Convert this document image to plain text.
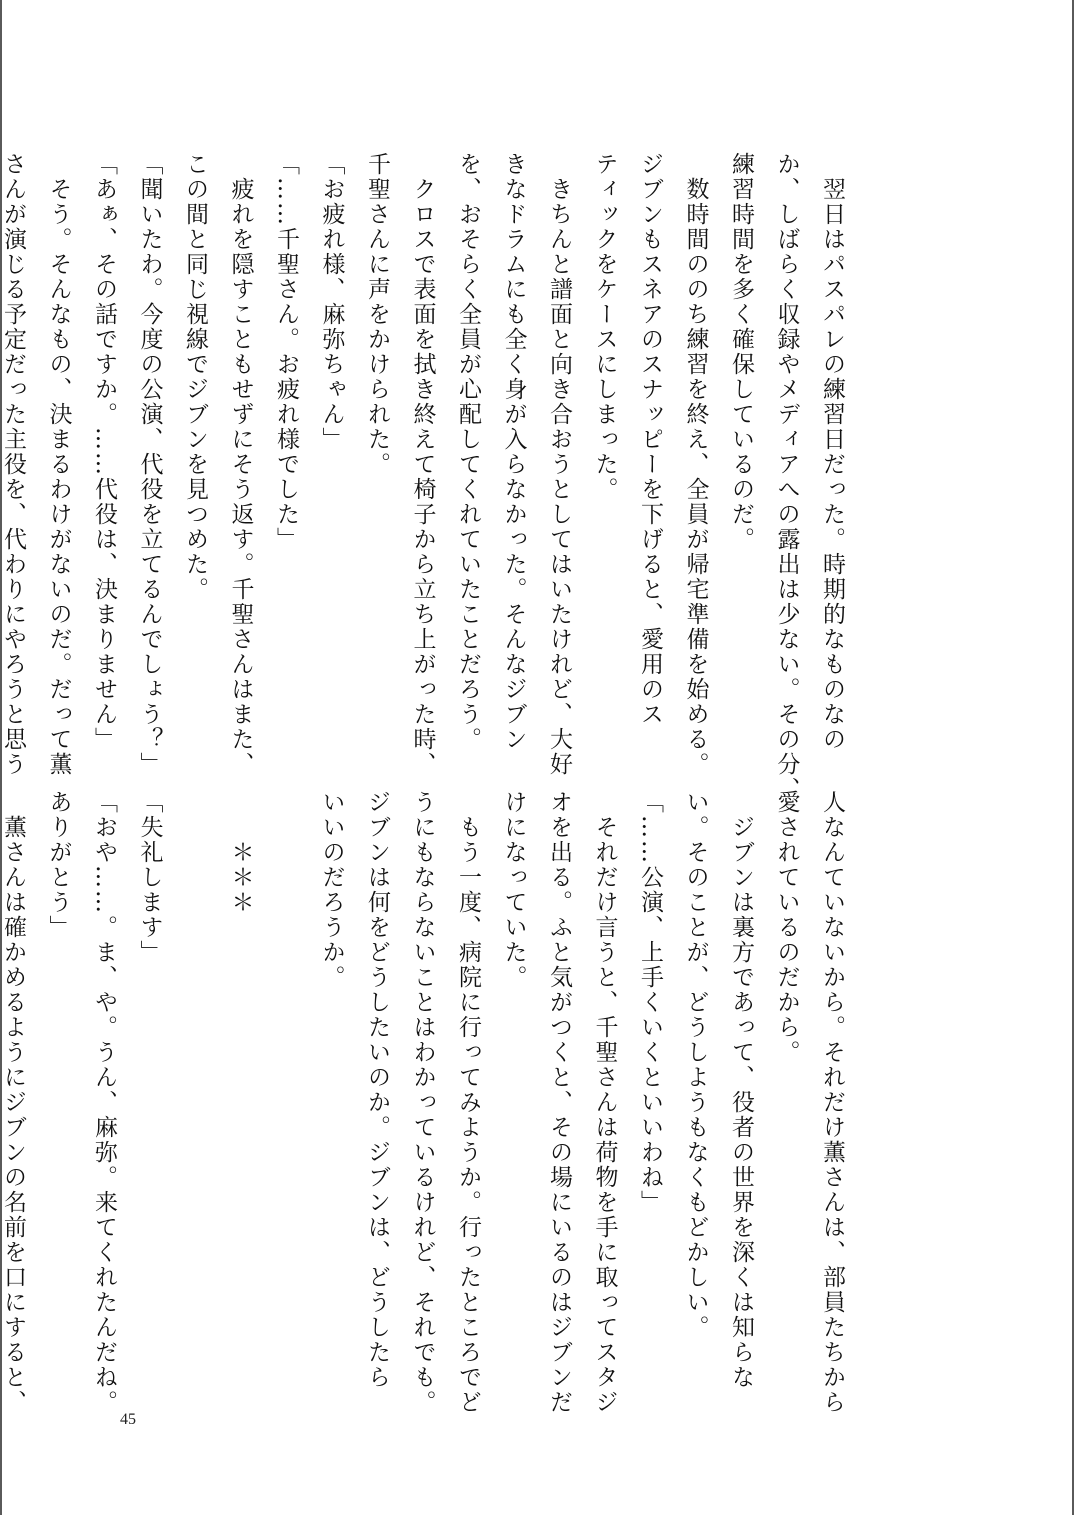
　翌日はパスパレの練習日だった。時期的なものなの
か、しばらく収録やメディアへの露出は少ない。その分、
練習時間を多く確保しているのだ。
　数時間ののち練習を終え、全員が帰宅準備を始める。
ジブンもスネアのスナッピーを下げると、愛用のス
ティックをケースにしまった。
　きちんと譜面と向き合おうとしてはいたけれど、大好
きなドラムにも全く身が入らなかった。そんなジブン
を、おそらく全員が心配してくれていたことだろう。
　クロスで表面を拭き終えて椅子から立ち上がった時、
千聖さんに声をかけられた。
「お疲れ様、麻弥ちゃん」
「……千聖さん。お疲れ様でした」
　疲れを隠すこともせずにそう返す。千聖さんはまた、
この間と同じ視線でジブンを見つめた。
「聞いたわ。今度の公演、代役を立てるんでしょう？」
「あぁ、その話ですか。……代役は、決まりません」
　そう。そんなもの、決まるわけがないのだ。だって薫
さんが演じる予定だった主役を、代わりにやろうと思う
人なんていないから。それだけ薫さんは、部員たちから
愛されているのだから。
　ジブンは裏方であって、役者の世界を深くは知らな
い。そのことが、どうしようもなくもどかしい。
「……公演、上手くいくといいわね」
　それだけ言うと、千聖さんは荷物を手に取ってスタジ
オを出る。ふと気がつくと、その場にいるのはジブンだ
けになっていた。
　もう一度、病院に行ってみようか。行ったところでど
うにもならないことはわかっているけれど、それでも。
ジブンは何をどうしたいのか。ジブンは、どうしたら
いいのだろうか。
　　＊＊＊
「失礼します」
「おや……。ま、や。うん、麻弥。来てくれたんだね。
ありがとう」
　薫さんは確かめるようにジブンの名前を口にすると、
45
